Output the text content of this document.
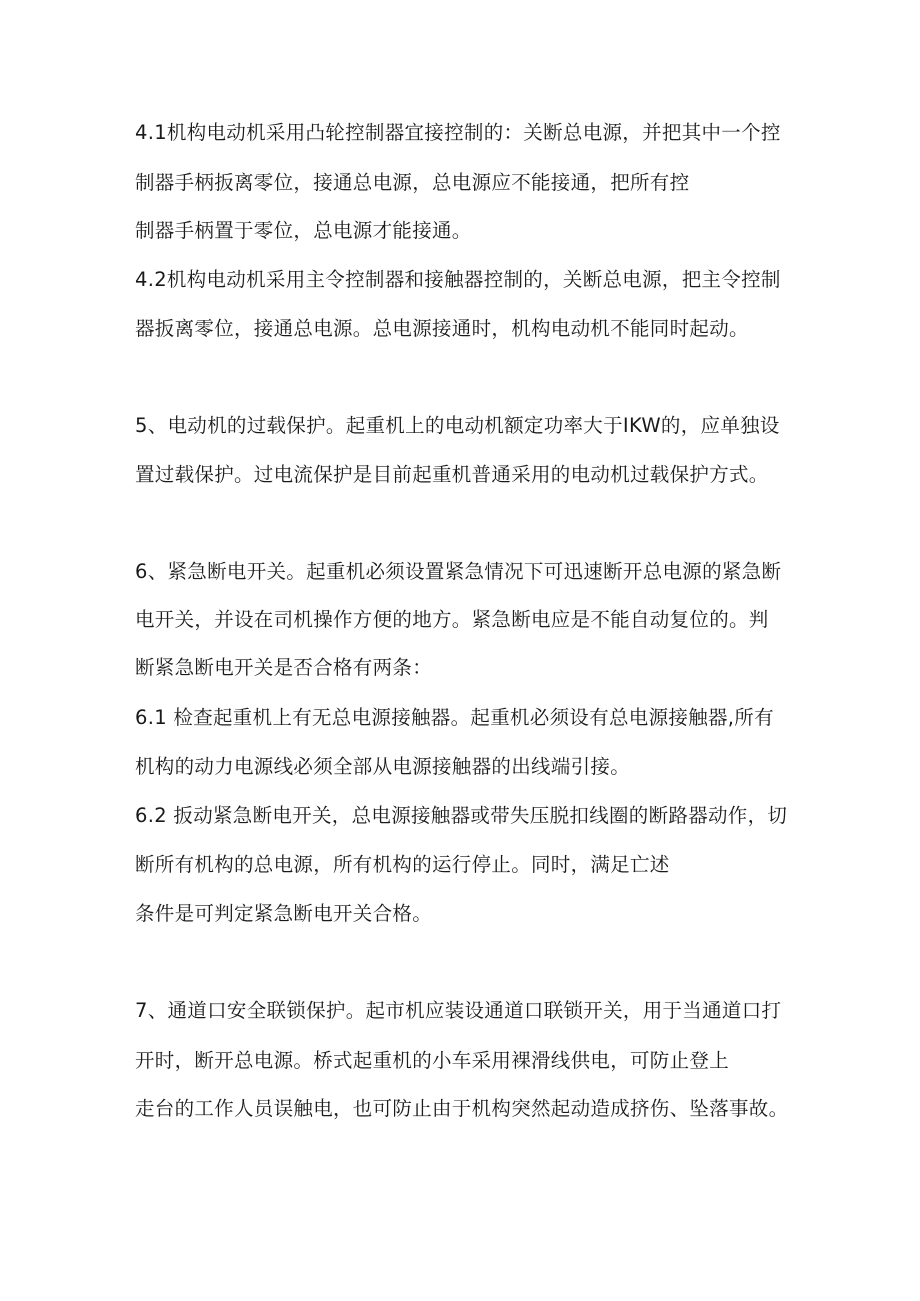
4.1机构电动机采用凸轮控制器宜接控制的：关断总电源，并把其中一个控
制器手柄扳离零位，接通总电源，总电源应不能接通，把所有控
制器手柄置于零位，总电源才能接通。
4.2机构电动机采用主令控制器和接触器控制的，关断总电源，把主令控制
器扳离零位，接通总电源。总电源接通时，机构电动机不能同时起动。
5、电动机的过载保护。起重机上的电动机额定功率大于IKW的，应单独设
置过载保护。过电流保护是目前起重机普通采用的电动机过载保护方式。
6、紧急断电开关。起重机必须设置紧急情况下可迅速断开总电源的紧急断
电开关，并设在司机操作方便的地方。紧急断电应是不能自动复位的。判
断紧急断电开关是否合格有两条：
6.1 检查起重机上有无总电源接触器。起重机必须设有总电源接触器,所有
机构的动力电源线必须全部从电源接触器的出线端引接。
6.2 扳动紧急断电开关，总电源接触器或带失压脱扣线圈的断路器动作，切
断所有机构的总电源，所有机构的运行停止。同时，满足亡述
条件是可判定紧急断电开关合格。
7、通道口安全联锁保护。起市机应装设通道口联锁开关，用于当通道口打
开时，断开总电源。桥式起重机的小车采用裸滑线供电，可防止登上
走台的工作人员误触电，也可防止由于机构突然起动造成挤伤、坠落事故。
